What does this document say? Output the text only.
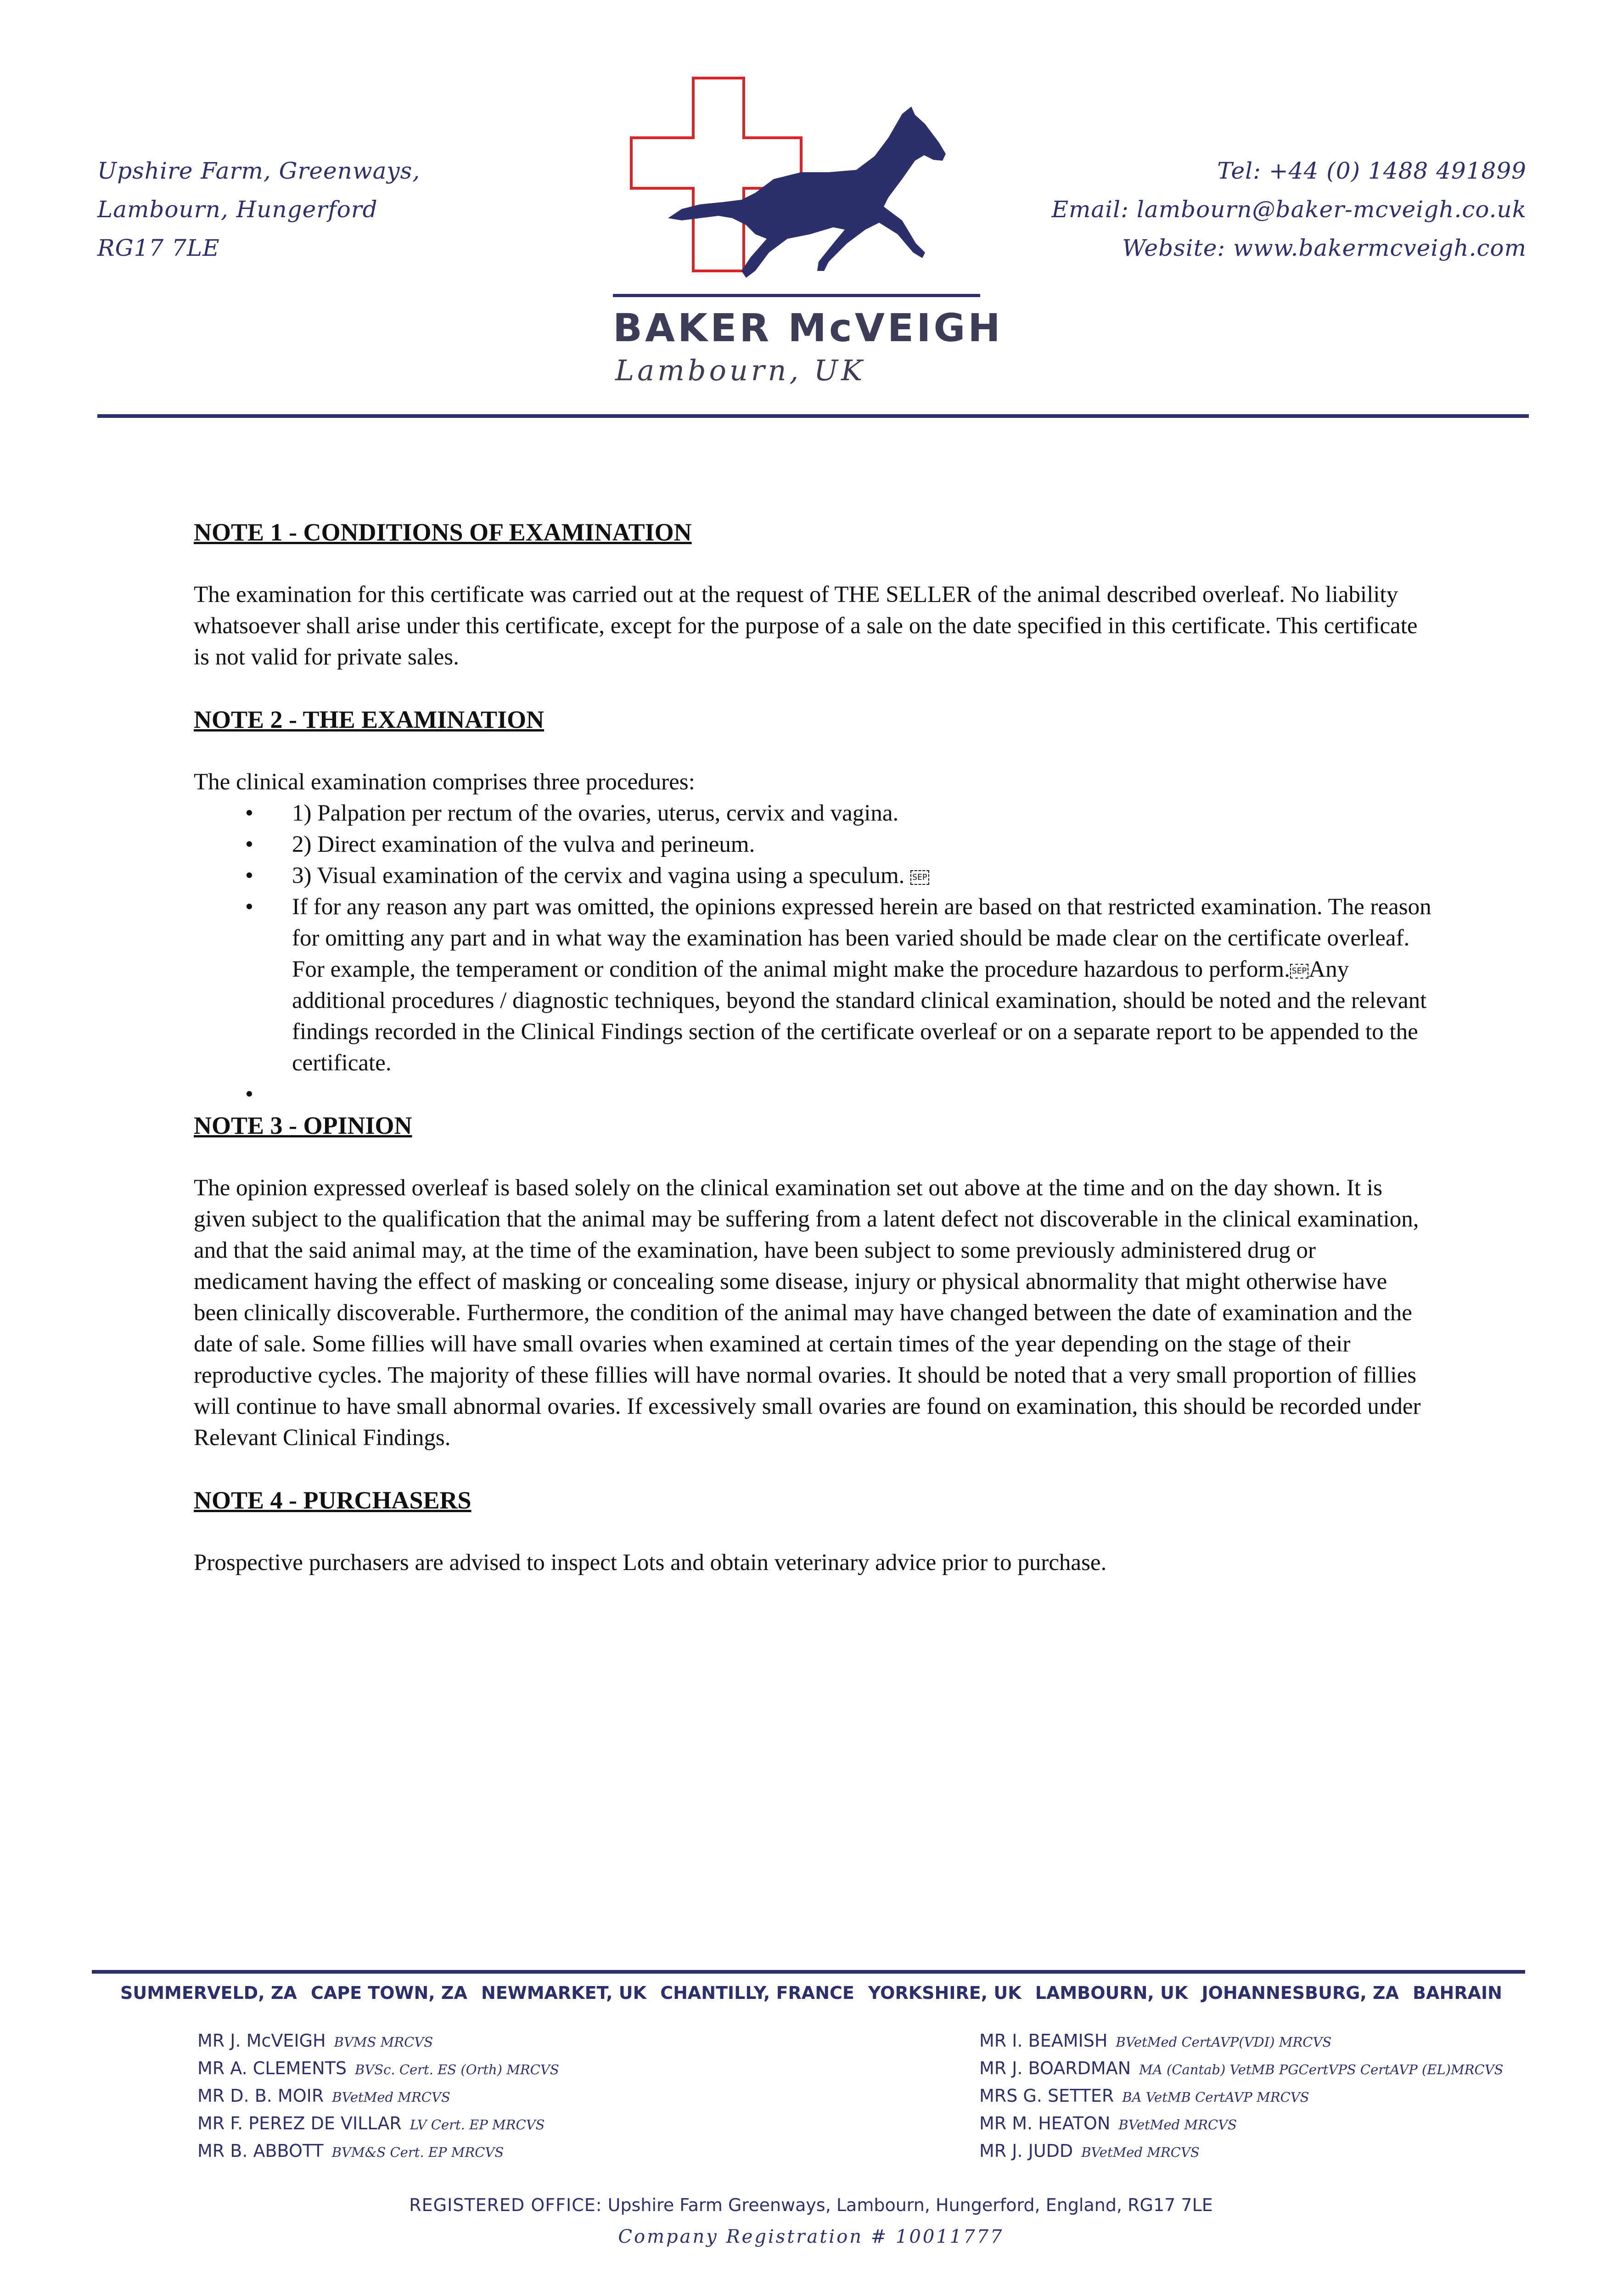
Upshire Farm, Greenways,
Lambourn, Hungerford
RG17 7LE
BAKER McVEIGH
Lambourn, UK
Tel: +44 (0) 1488 491899
Email: lambourn@baker-mcveigh.co.uk
Website: www.bakermcveigh.com
NOTE 1 - CONDITIONS OF EXAMINATION

The examination for this certificate was carried out at the request of THE SELLER of the animal described overleaf. No liability whatsoever shall arise under this certificate, except for the purpose of a sale on the date specified in this certificate. This certificate is not valid for private sales.

NOTE 2 - THE EXAMINATION

The clinical examination comprises three procedures:

• 1) Palpation per rectum of the ovaries, uterus, cervix and vagina.
• 2) Direct examination of the vulva and perineum.
• 3) Visual examination of the cervix and vagina using a speculum. SEP
• If for any reason any part was omitted, the opinions expressed herein are based on that restricted examination. The reason for omitting any part and in what way the examination has been varied should be made clear on the certificate overleaf. For example, the temperament or condition of the animal might make the procedure hazardous to perform. SEPAny additional procedures / diagnostic techniques, beyond the standard clinical examination, should be noted and the relevant findings recorded in the Clinical Findings section of the certificate overleaf or on a separate report to be appended to the certificate.
•
NOTE 3 - OPINION

The opinion expressed overleaf is based solely on the clinical examination set out above at the time and on the day shown. It is given subject to the qualification that the animal may be suffering from a latent defect not discoverable in the clinical examination, and that the said animal may, at the time of the examination, have been subject to some previously administered drug or medicament having the effect of masking or concealing some disease, injury or physical abnormality that might otherwise have been clinically discoverable. Furthermore, the condition of the animal may have changed between the date of examination and the date of sale. Some fillies will have small ovaries when examined at certain times of the year depending on the stage of their reproductive cycles. The majority of these fillies will have normal ovaries. It should be noted that a very small proportion of fillies will continue to have small abnormal ovaries. If excessively small ovaries are found on examination, this should be recorded under Relevant Clinical Findings.

NOTE 4 - PURCHASERS

Prospective purchasers are advised to inspect Lots and obtain veterinary advice prior to purchase.

SUMMERVELD, ZA CAPE TOWN, ZA NEWMARKET, UK CHANTILLY, FRANCE YORKSHIRE, UK LAMBOURN, UK JOHANNESBURG, ZA BAHRAIN
MR J. McVEIGH BVMS MRCVS
MR A. CLEMENTS BVSc. Cert. ES (Orth) MRCVS
MR D. B. MOIR BVetMed MRCVS
MR F. PEREZ DE VILLAR LV Cert. EP MRCVS
MR B. ABBOTT BVM&S Cert. EP MRCVS
MR I. BEAMISH BVetMed CertAVP(VDI) MRCVS
MR J. BOARDMAN MA (Cantab) VetMB PGCertVPS CertAVP (EL)MRCVS
MRS G. SETTER BA VetMB CertAVP MRCVS
MR M. HEATON BVetMed MRCVS
MR J. JUDD BVetMed MRCVS
REGISTERED OFFICE: Upshire Farm Greenways, Lambourn, Hungerford, England, RG17 7LE
Company Registration # 10011777
